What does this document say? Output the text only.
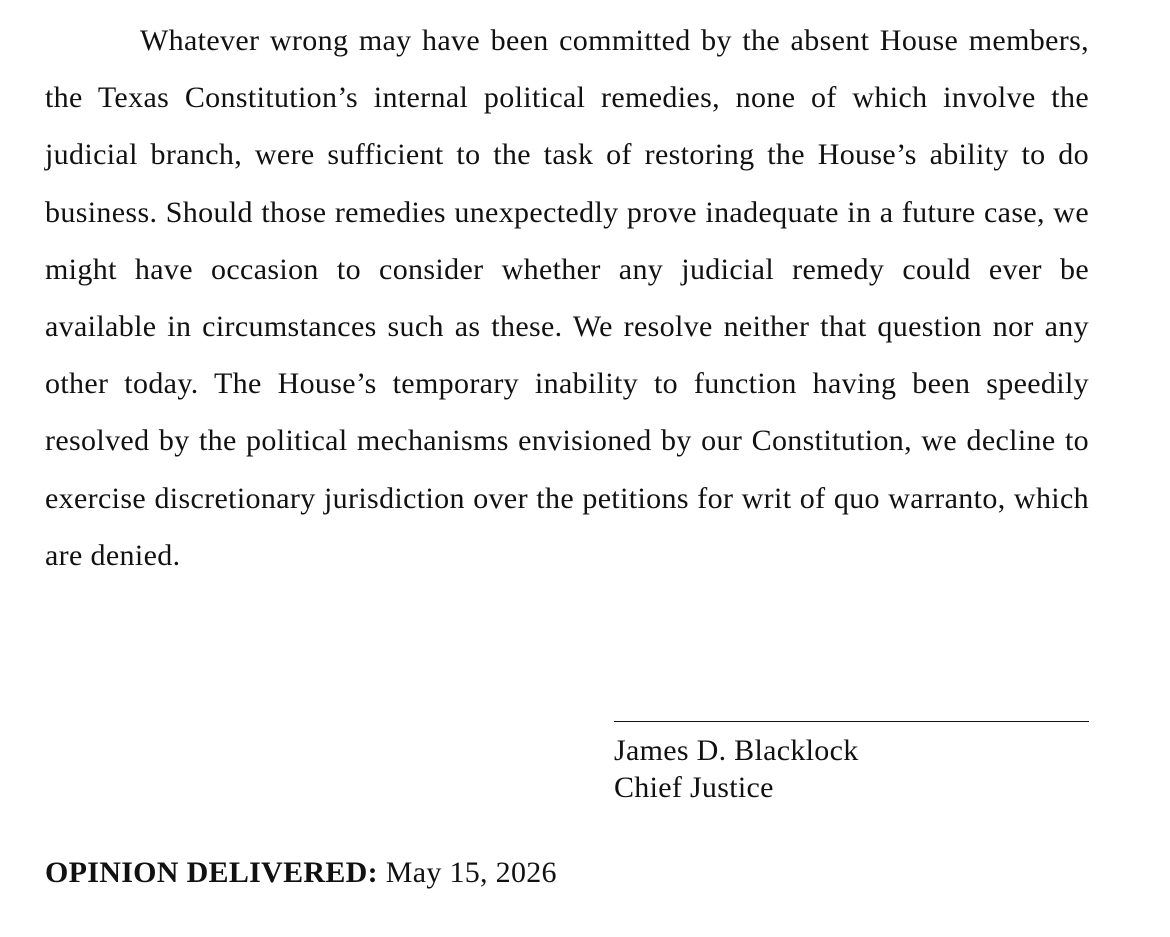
Whatever wrong may have been committed by the absent House members, the Texas Constitution’s internal political remedies, none of which involve the judicial branch, were sufficient to the task of restoring the House’s ability to do business. Should those remedies unexpectedly prove inadequate in a future case, we might have occasion to consider whether any judicial remedy could ever be available in circumstances such as these. We resolve neither that question nor any other today. The House’s temporary inability to function having been speedily resolved by the political mechanisms envisioned by our Constitution, we decline to exercise discretionary jurisdiction over the petitions for writ of quo warranto, which are denied.

James D. Blacklock
Chief Justice
OPINION DELIVERED: May 15, 2026
